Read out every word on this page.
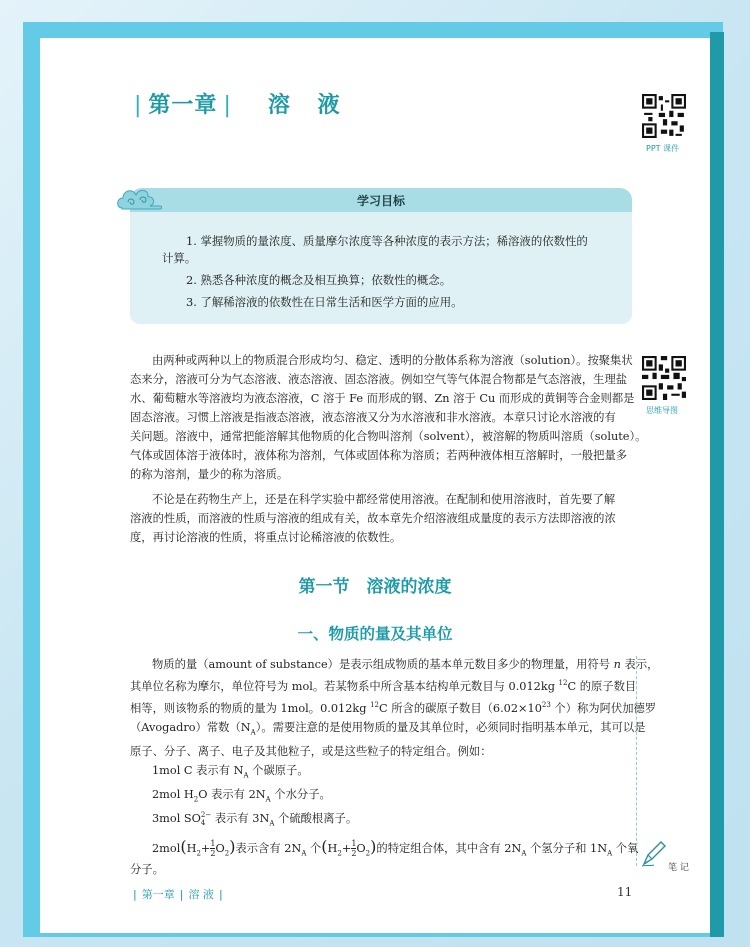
| 第一章 | 溶 液
PPT 课件
思维导图
学习目标
1. 掌握物质的量浓度、质量摩尔浓度等各种浓度的表示方法；稀溶液的依数性的
计算。
2. 熟悉各种浓度的概念及相互换算；依数性的概念。
3. 了解稀溶液的依数性在日常生活和医学方面的应用。
由两种或两种以上的物质混合形成均匀、稳定、透明的分散体系称为溶液（solution）。按聚集状
态来分，溶液可分为气态溶液、液态溶液、固态溶液。例如空气等气体混合物都是气态溶液，生理盐
水、葡萄糖水等溶液均为液态溶液，C 溶于 Fe 而形成的钢、Zn 溶于 Cu 而形成的黄铜等合金则都是
固态溶液。习惯上溶液是指液态溶液，液态溶液又分为水溶液和非水溶液。本章只讨论水溶液的有
关问题。溶液中，通常把能溶解其他物质的化合物叫溶剂（solvent），被溶解的物质叫溶质（solute）。
气体或固体溶于液体时，液体称为溶剂，气体或固体称为溶质；若两种液体相互溶解时，一般把量多
的称为溶剂，量少的称为溶质。
不论是在药物生产上，还是在科学实验中都经常使用溶液。在配制和使用溶液时，首先要了解
溶液的性质，而溶液的性质与溶液的组成有关，故本章先介绍溶液组成量度的表示方法即溶液的浓
度，再讨论溶液的性质，将重点讨论稀溶液的依数性。
第一节　溶液的浓度
一、物质的量及其单位
物质的量（amount of substance）是表示组成物质的基本单元数目多少的物理量，用符号 n 表示，
其单位名称为摩尔，单位符号为 mol。若某物系中所含基本结构单元数目与 0.012kg $^{12}$C 的原子数目
相等，则该物系的物质的量为 1mol。0.012kg $^{12}$C 所含的碳原子数目（$6.02\times 10^{23}$ 个）称为阿伏加德罗
（Avogadro）常数$(N_A)$。需要注意的是使用物质的量及其单位时，必须同时指明基本单元，其可以是
原子、分子、离子、电子及其他粒子，或是这些粒子的特定组合。例如：
1mol C 表示有 $N_A$ 个碳原子。
2mol $H_2O$ 表示有 $2N_A$ 个水分子。
3mol SO 2−
4 表示有 $3N_A$ 个硫酸根离子。
$2mol(H_2+ \frac{1}{2} O_2)$表示含有 $2N_A$ 个$(H_2+ \frac{1}{2} O_2)$的特定组合体，其中含有 $2N_A$ 个氢分子和 $1N_A$ 个氧
分子。	笔 记
| 第一章 | 溶 液 |	11
